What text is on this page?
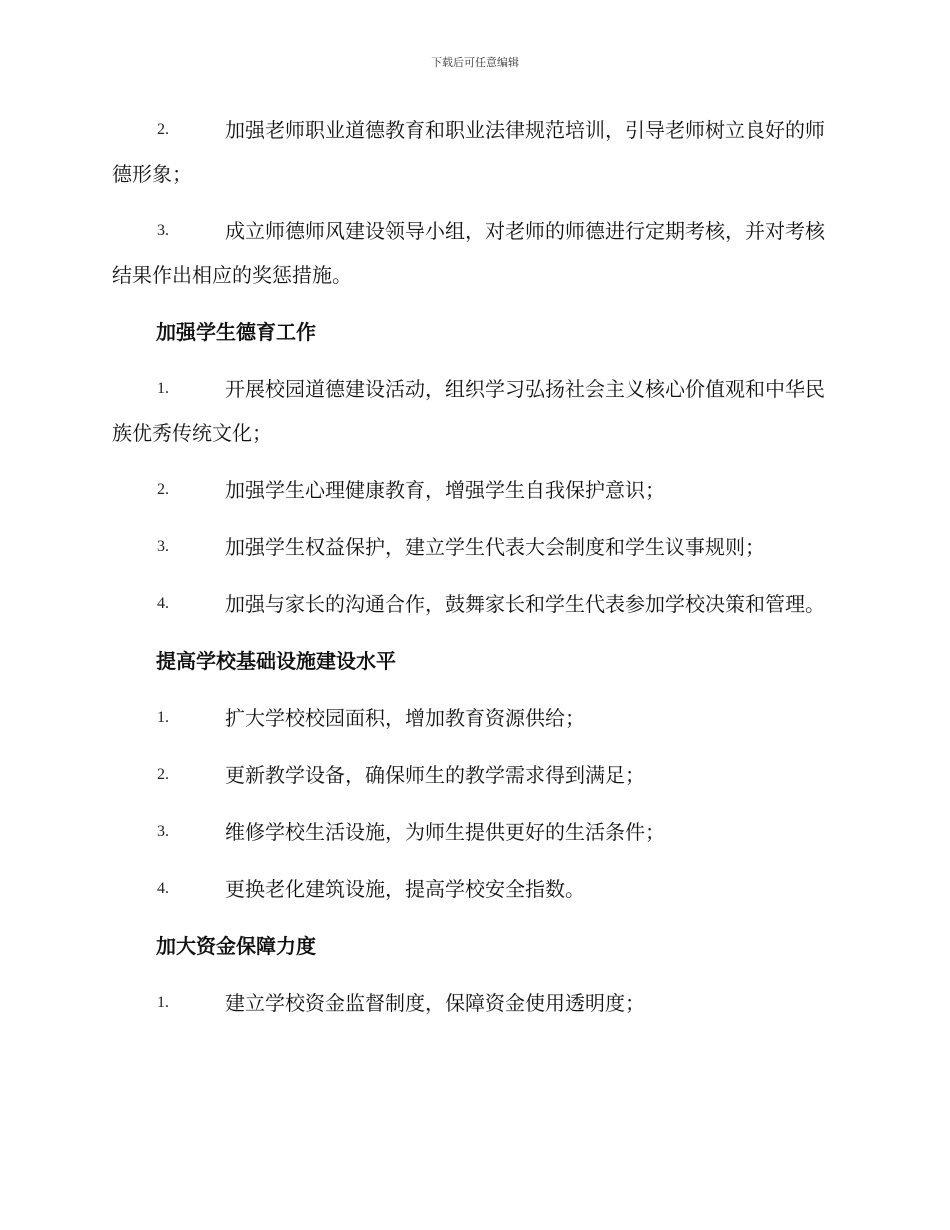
下载后可任意编辑

2.	加强老师职业道德教育和职业法律规范培训，引导老师树立良好的师德形象；

3.	成立师德师风建设领导小组，对老师的师德进行定期考核，并对考核结果作出相应的奖惩措施。

加强学生德育工作

1.	开展校园道德建设活动，组织学习弘扬社会主义核心价值观和中华民族优秀传统文化；

2.	加强学生心理健康教育，增强学生自我保护意识；

3.	加强学生权益保护，建立学生代表大会制度和学生议事规则；

4.	加强与家长的沟通合作，鼓舞家长和学生代表参加学校决策和管理。

提高学校基础设施建设水平

1.	扩大学校校园面积，增加教育资源供给；

2.	更新教学设备，确保师生的教学需求得到满足；

3.	维修学校生活设施，为师生提供更好的生活条件；

4.	更换老化建筑设施，提高学校安全指数。

加大资金保障力度

1.	建立学校资金监督制度，保障资金使用透明度；
